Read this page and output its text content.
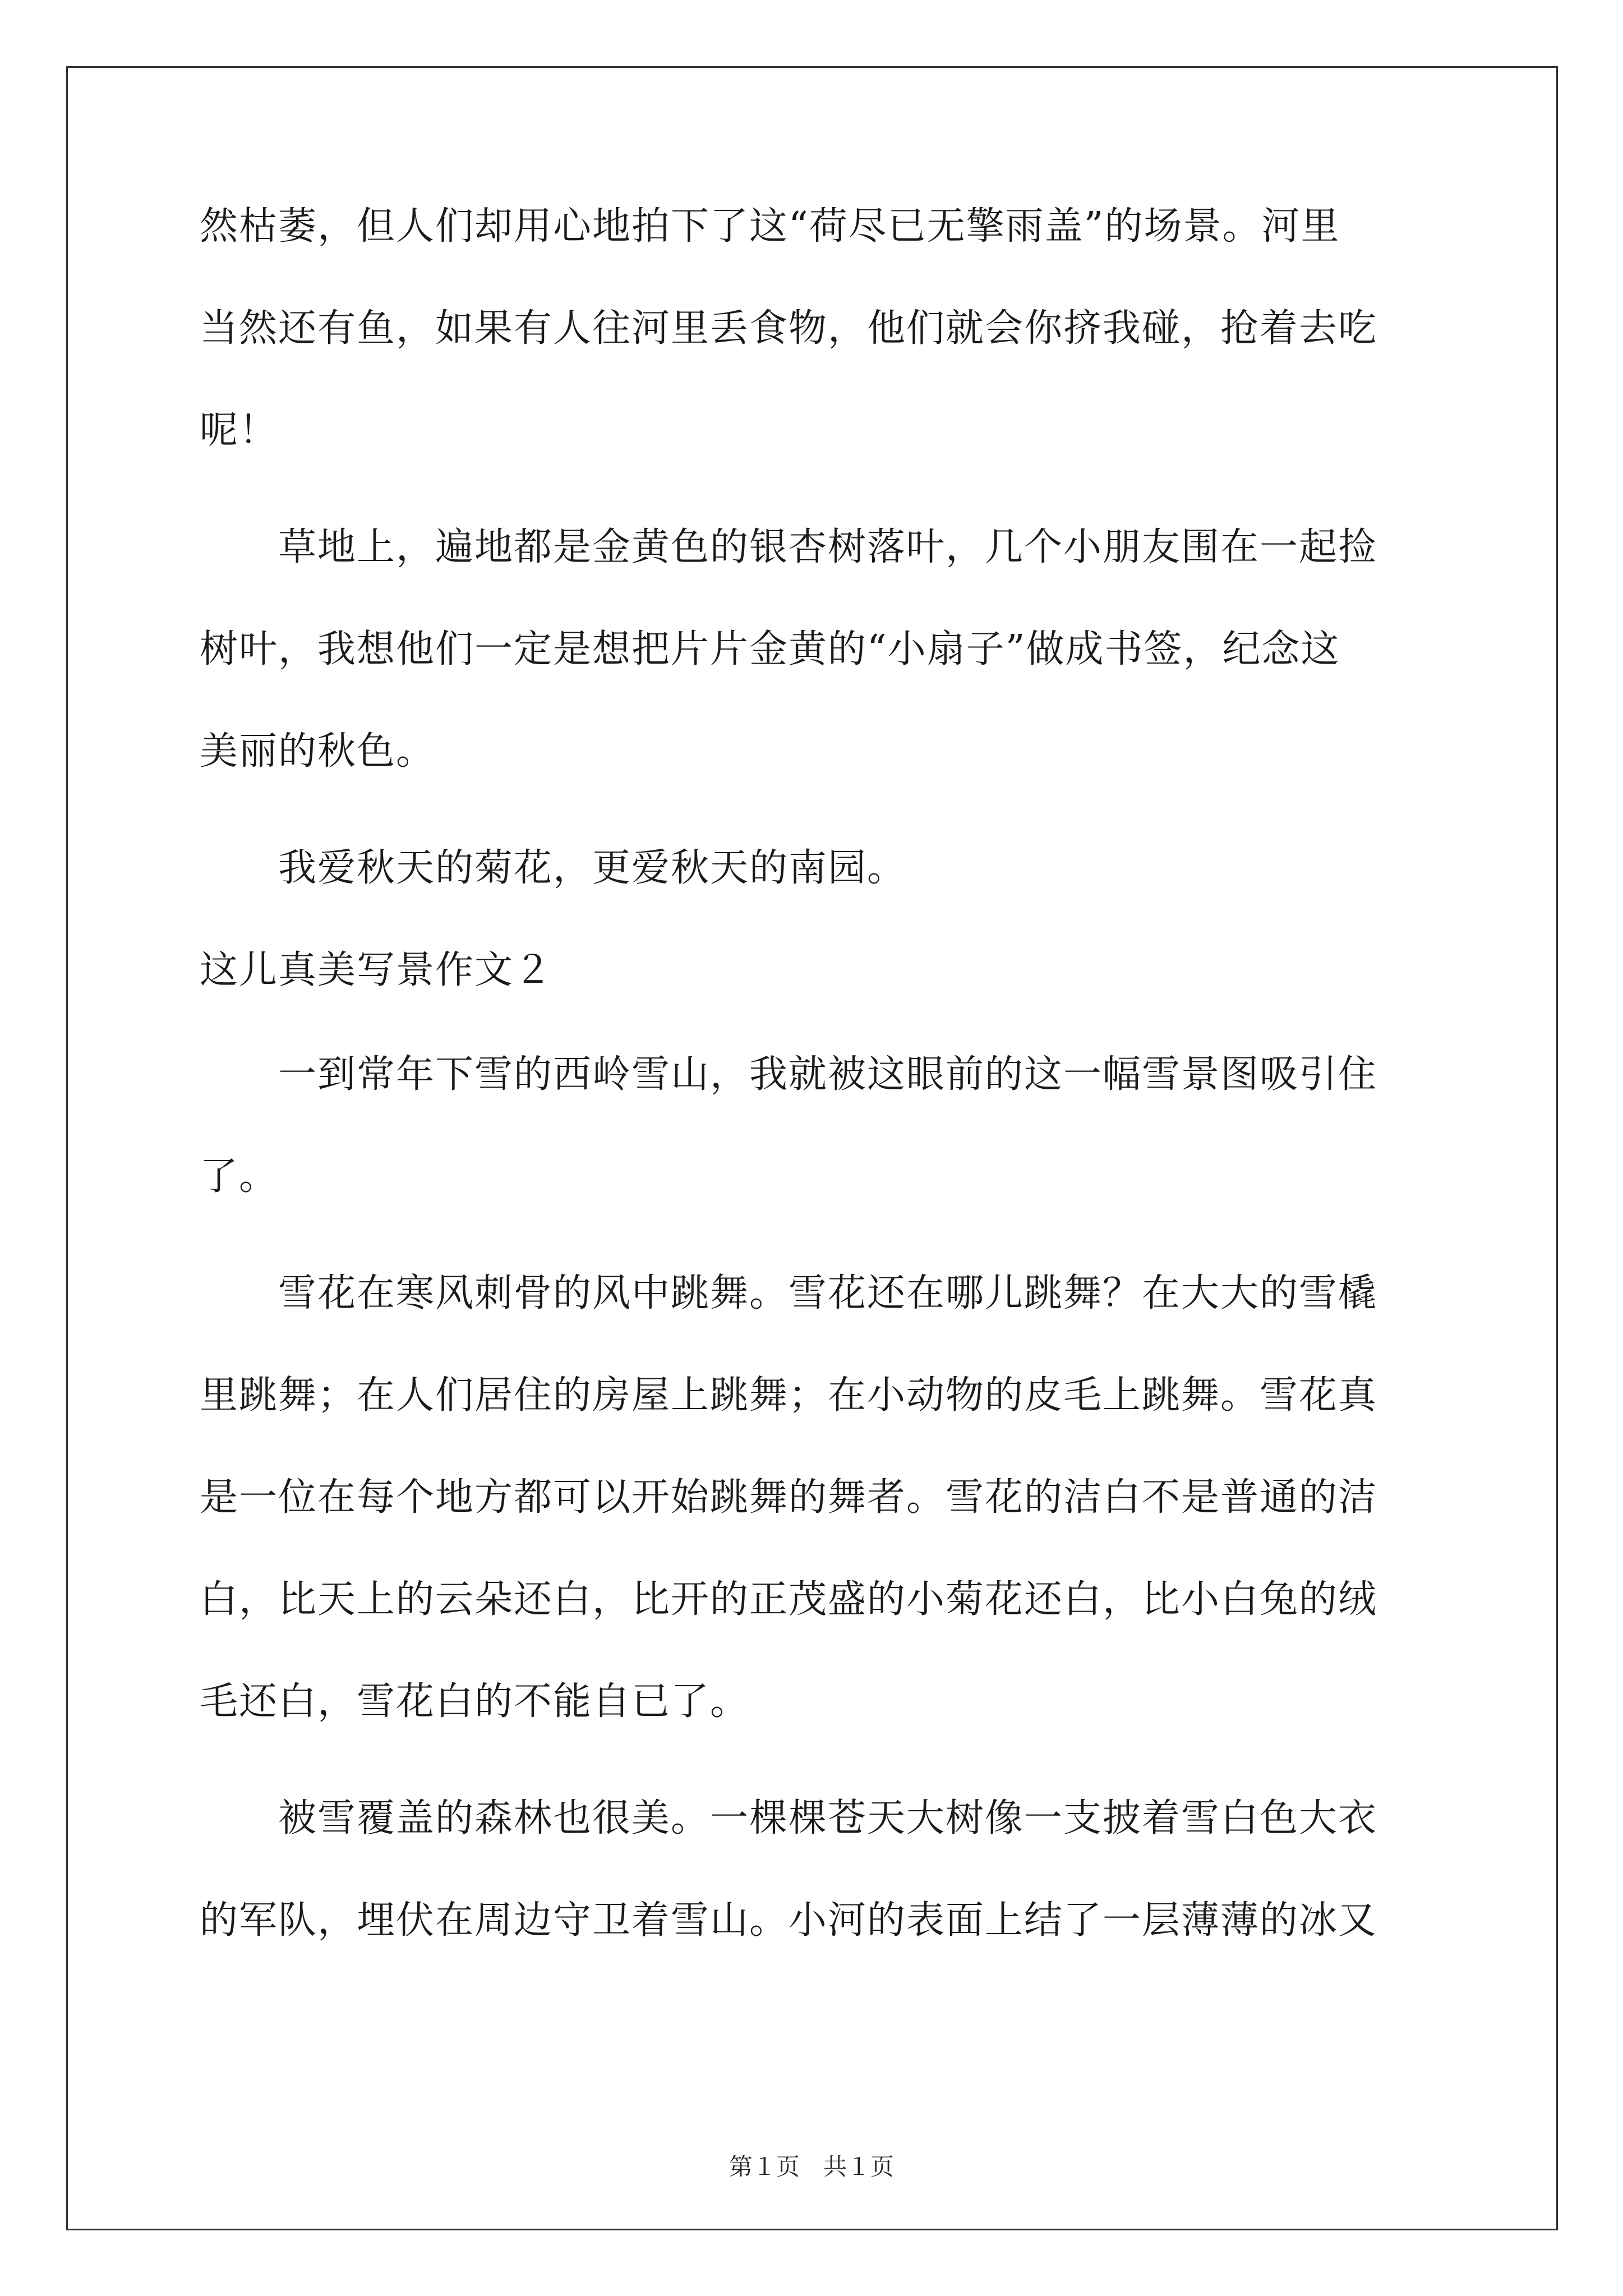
然枯萎，但人们却用心地拍下了这“荷尽已无擎雨盖”的场景。河里

当然还有鱼，如果有人往河里丢食物，他们就会你挤我碰，抢着去吃

呢！

草地上，遍地都是金黄色的银杏树落叶，几个小朋友围在一起捡

树叶，我想他们一定是想把片片金黄的“小扇子”做成书签，纪念这

美丽的秋色。

我爱秋天的菊花，更爱秋天的南园。

这儿真美写景作文２

一到常年下雪的西岭雪山，我就被这眼前的这一幅雪景图吸引住

了。

雪花在寒风刺骨的风中跳舞。雪花还在哪儿跳舞？在大大的雪橇

里跳舞；在人们居住的房屋上跳舞；在小动物的皮毛上跳舞。雪花真

是一位在每个地方都可以开始跳舞的舞者。雪花的洁白不是普通的洁

白，比天上的云朵还白，比开的正茂盛的小菊花还白，比小白兔的绒

毛还白，雪花白的不能自已了。

被雪覆盖的森林也很美。一棵棵苍天大树像一支披着雪白色大衣

的军队，埋伏在周边守卫着雪山。小河的表面上结了一层薄薄的冰又

第１页　共１页
